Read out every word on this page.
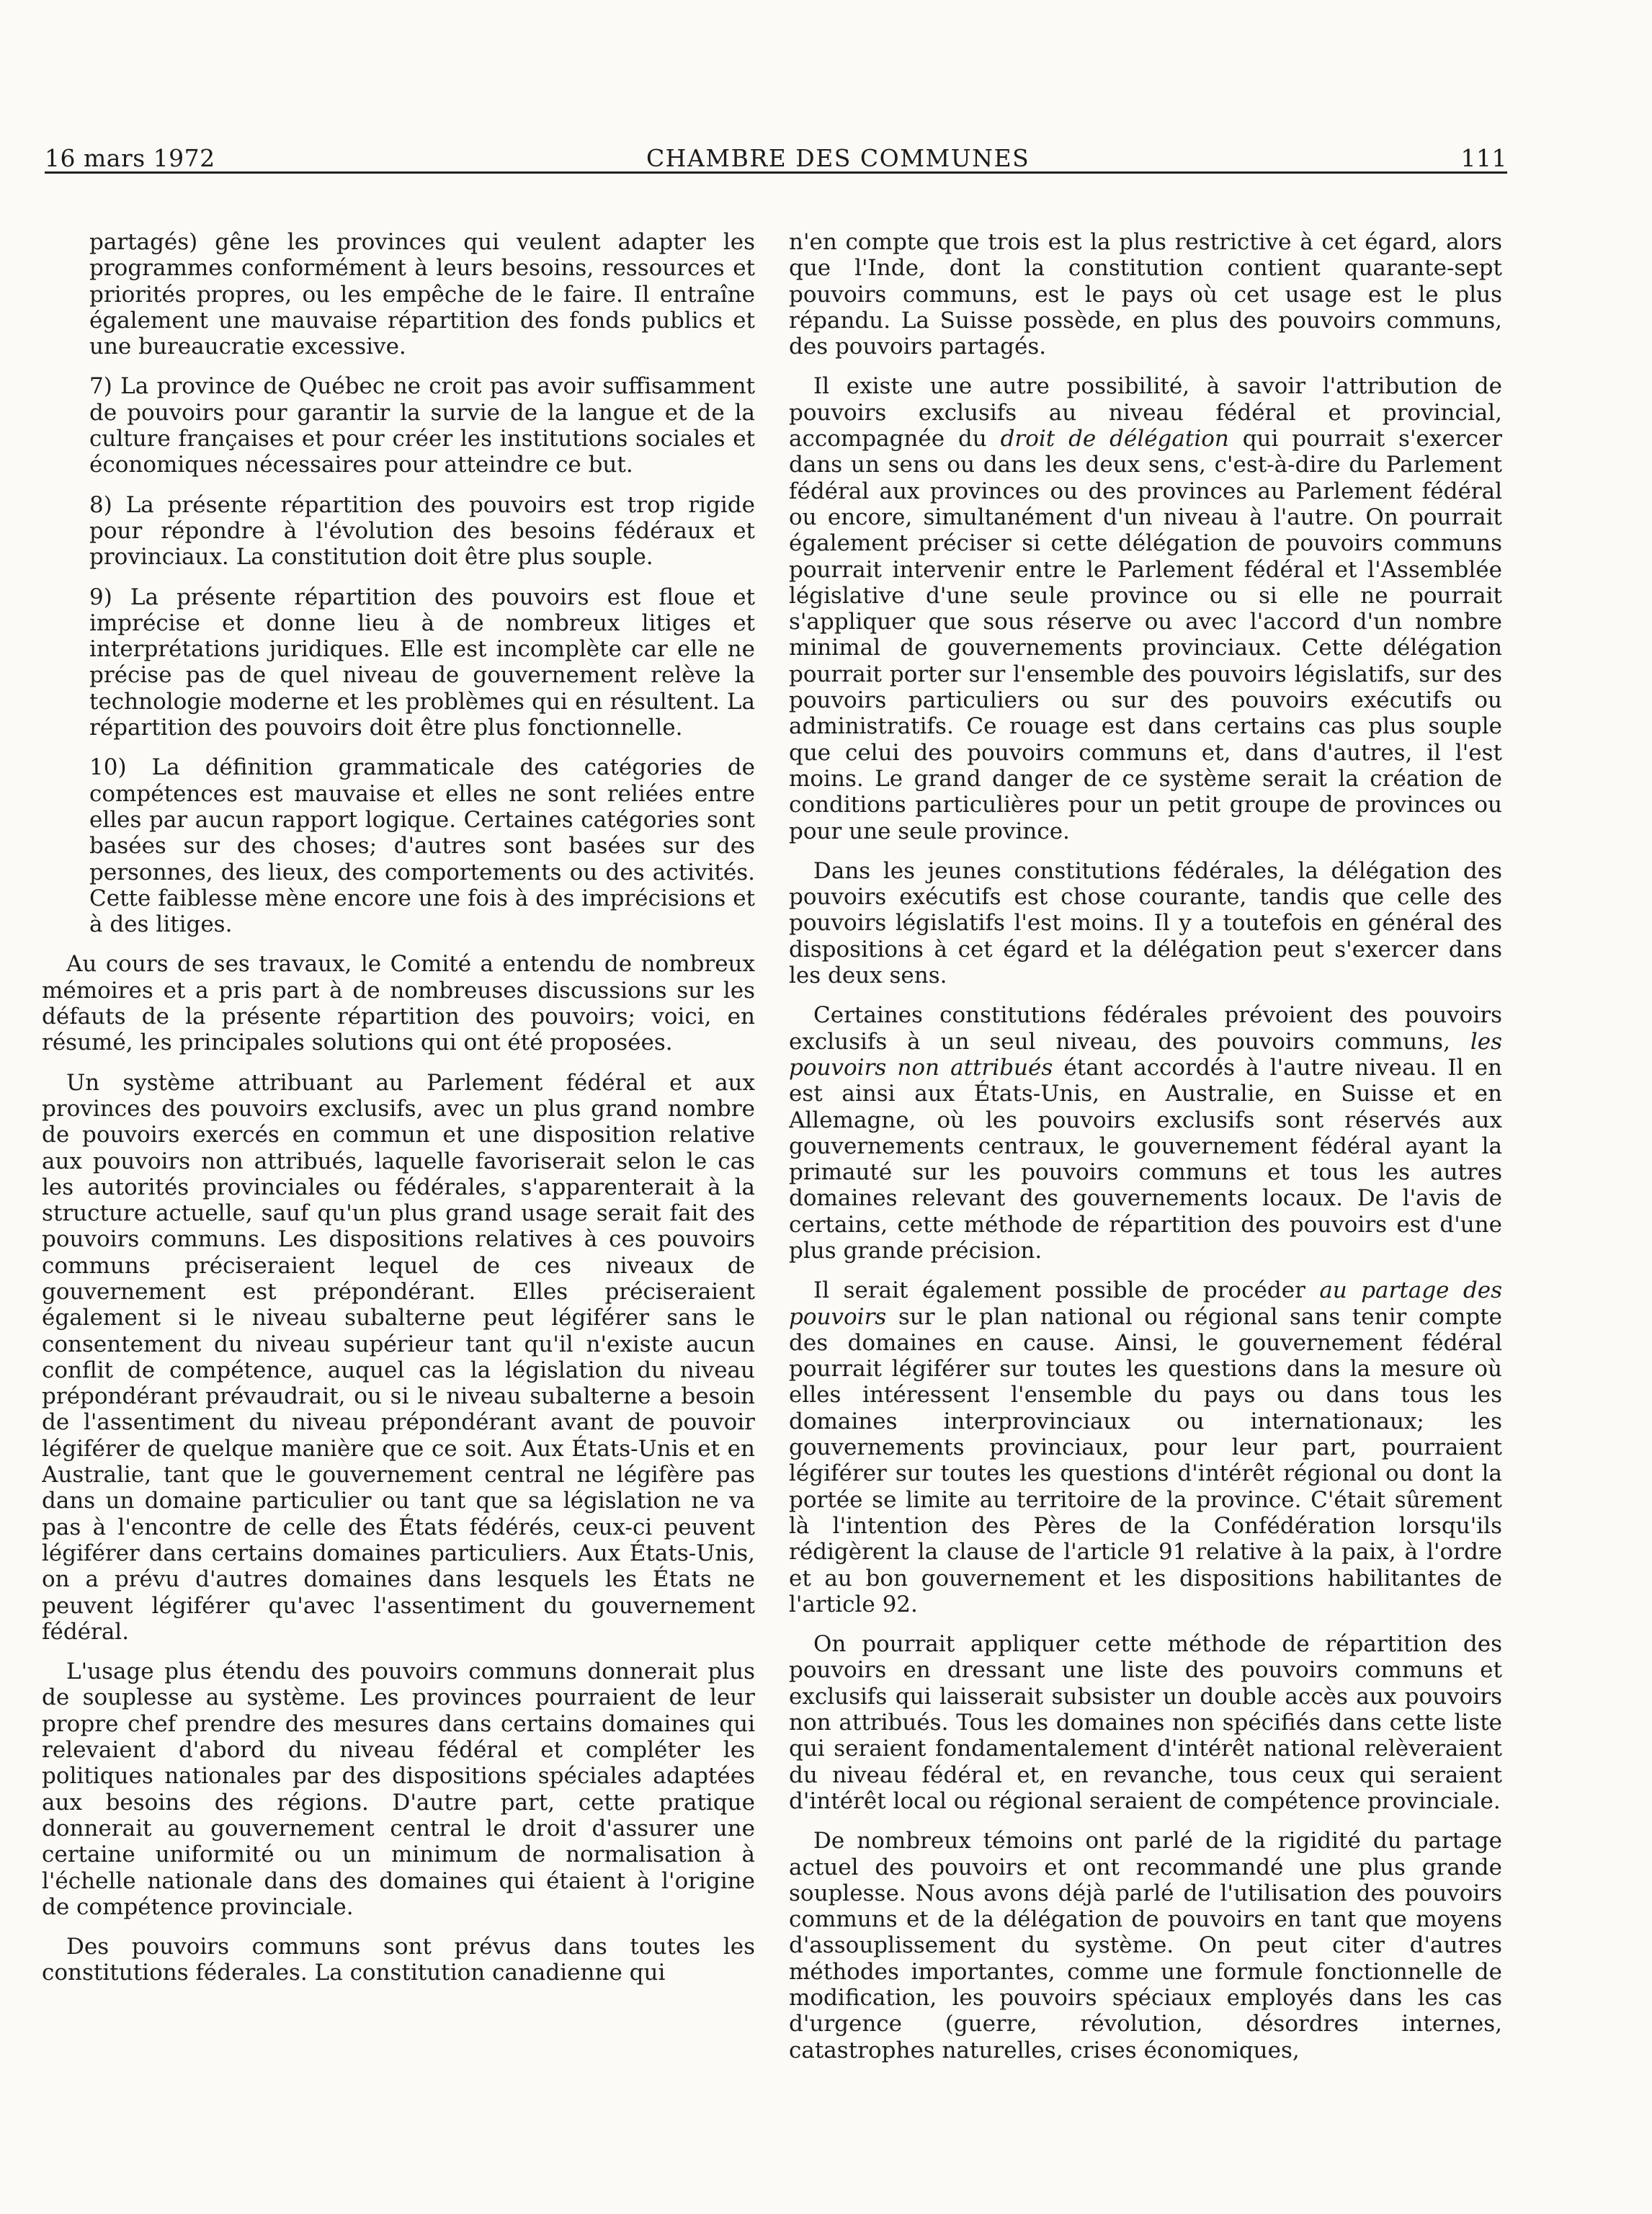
16 mars 1972	CHAMBRE DES COMMUNES	111

partagés) gêne les provinces qui veulent adapter les programmes conformément à leurs besoins, ressources et priorités propres, ou les empêche de le faire. Il entraîne également une mauvaise répartition des fonds publics et une bureaucratie excessive.

7) La province de Québec ne croit pas avoir suffisamment de pouvoirs pour garantir la survie de la langue et de la culture françaises et pour créer les institutions sociales et économiques nécessaires pour atteindre ce but.

8) La présente répartition des pouvoirs est trop rigide pour répondre à l'évolution des besoins fédéraux et provinciaux. La constitution doit être plus souple.

9) La présente répartition des pouvoirs est floue et imprécise et donne lieu à de nombreux litiges et interprétations juridiques. Elle est incomplète car elle ne précise pas de quel niveau de gouvernement relève la technologie moderne et les problèmes qui en résultent. La répartition des pouvoirs doit être plus fonctionnelle.

10) La définition grammaticale des catégories de compétences est mauvaise et elles ne sont reliées entre elles par aucun rapport logique. Certaines catégories sont basées sur des choses; d'autres sont basées sur des personnes, des lieux, des comportements ou des activités. Cette faiblesse mène encore une fois à des imprécisions et à des litiges.

Au cours de ses travaux, le Comité a entendu de nombreux mémoires et a pris part à de nombreuses discussions sur les défauts de la présente répartition des pouvoirs; voici, en résumé, les principales solutions qui ont été proposées.

Un système attribuant au Parlement fédéral et aux provinces des pouvoirs exclusifs, avec un plus grand nombre de pouvoirs exercés en commun et une disposition relative aux pouvoirs non attribués, laquelle favoriserait selon le cas les autorités provinciales ou fédérales, s'apparenterait à la structure actuelle, sauf qu'un plus grand usage serait fait des pouvoirs communs. Les dispositions relatives à ces pouvoirs communs préciseraient lequel de ces niveaux de gouvernement est prépondérant. Elles préciseraient également si le niveau subalterne peut légiférer sans le consentement du niveau supérieur tant qu'il n'existe aucun conflit de compétence, auquel cas la législation du niveau prépondérant prévaudrait, ou si le niveau subalterne a besoin de l'assentiment du niveau prépondérant avant de pouvoir légiférer de quelque manière que ce soit. Aux États-Unis et en Australie, tant que le gouvernement central ne légifère pas dans un domaine particulier ou tant que sa législation ne va pas à l'encontre de celle des États fédérés, ceux-ci peuvent légiférer dans certains domaines particuliers. Aux États-Unis, on a prévu d'autres domaines dans lesquels les États ne peuvent légiférer qu'avec l'assentiment du gouvernement fédéral.

L'usage plus étendu des pouvoirs communs donnerait plus de souplesse au système. Les provinces pourraient de leur propre chef prendre des mesures dans certains domaines qui relevaient d'abord du niveau fédéral et compléter les politiques nationales par des dispositions spéciales adaptées aux besoins des régions. D'autre part, cette pratique donnerait au gouvernement central le droit d'assurer une certaine uniformité ou un minimum de normalisation à l'échelle nationale dans des domaines qui étaient à l'origine de compétence provinciale.

Des pouvoirs communs sont prévus dans toutes les constitutions féderales. La constitution canadienne qui

n'en compte que trois est la plus restrictive à cet égard, alors que l'Inde, dont la constitution contient quarante-sept pouvoirs communs, est le pays où cet usage est le plus répandu. La Suisse possède, en plus des pouvoirs communs, des pouvoirs partagés.

Il existe une autre possibilité, à savoir l'attribution de pouvoirs exclusifs au niveau fédéral et provincial, accompagnée du droit de délégation qui pourrait s'exercer dans un sens ou dans les deux sens, c'est-à-dire du Parlement fédéral aux provinces ou des provinces au Parlement fédéral ou encore, simultanément d'un niveau à l'autre. On pourrait également préciser si cette délégation de pouvoirs communs pourrait intervenir entre le Parlement fédéral et l'Assemblée législative d'une seule province ou si elle ne pourrait s'appliquer que sous réserve ou avec l'accord d'un nombre minimal de gouvernements provinciaux. Cette délégation pourrait porter sur l'ensemble des pouvoirs législatifs, sur des pouvoirs particuliers ou sur des pouvoirs exécutifs ou administratifs. Ce rouage est dans certains cas plus souple que celui des pouvoirs communs et, dans d'autres, il l'est moins. Le grand danger de ce système serait la création de conditions particulières pour un petit groupe de provinces ou pour une seule province.

Dans les jeunes constitutions fédérales, la délégation des pouvoirs exécutifs est chose courante, tandis que celle des pouvoirs législatifs l'est moins. Il y a toutefois en général des dispositions à cet égard et la délégation peut s'exercer dans les deux sens.

Certaines constitutions fédérales prévoient des pouvoirs exclusifs à un seul niveau, des pouvoirs communs, les pouvoirs non attribués étant accordés à l'autre niveau. Il en est ainsi aux États-Unis, en Australie, en Suisse et en Allemagne, où les pouvoirs exclusifs sont réservés aux gouvernements centraux, le gouvernement fédéral ayant la primauté sur les pouvoirs communs et tous les autres domaines relevant des gouvernements locaux. De l'avis de certains, cette méthode de répartition des pouvoirs est d'une plus grande précision.

Il serait également possible de procéder au partage des pouvoirs sur le plan national ou régional sans tenir compte des domaines en cause. Ainsi, le gouvernement fédéral pourrait légiférer sur toutes les questions dans la mesure où elles intéressent l'ensemble du pays ou dans tous les domaines interprovinciaux ou internationaux; les gouvernements provinciaux, pour leur part, pourraient légiférer sur toutes les questions d'intérêt régional ou dont la portée se limite au territoire de la province. C'était sûrement là l'intention des Pères de la Confédération lorsqu'ils rédigèrent la clause de l'article 91 relative à la paix, à l'ordre et au bon gouvernement et les dispositions habilitantes de l'article 92.

On pourrait appliquer cette méthode de répartition des pouvoirs en dressant une liste des pouvoirs communs et exclusifs qui laisserait subsister un double accès aux pouvoirs non attribués. Tous les domaines non spécifiés dans cette liste qui seraient fondamentalement d'intérêt national relèveraient du niveau fédéral et, en revanche, tous ceux qui seraient d'intérêt local ou régional seraient de compétence provinciale.

De nombreux témoins ont parlé de la rigidité du partage actuel des pouvoirs et ont recommandé une plus grande souplesse. Nous avons déjà parlé de l'utilisation des pouvoirs communs et de la délégation de pouvoirs en tant que moyens d'assouplissement du système. On peut citer d'autres méthodes importantes, comme une formule fonctionnelle de modification, les pouvoirs spéciaux employés dans les cas d'urgence (guerre, révolution, désordres internes, catastrophes naturelles, crises économiques,
